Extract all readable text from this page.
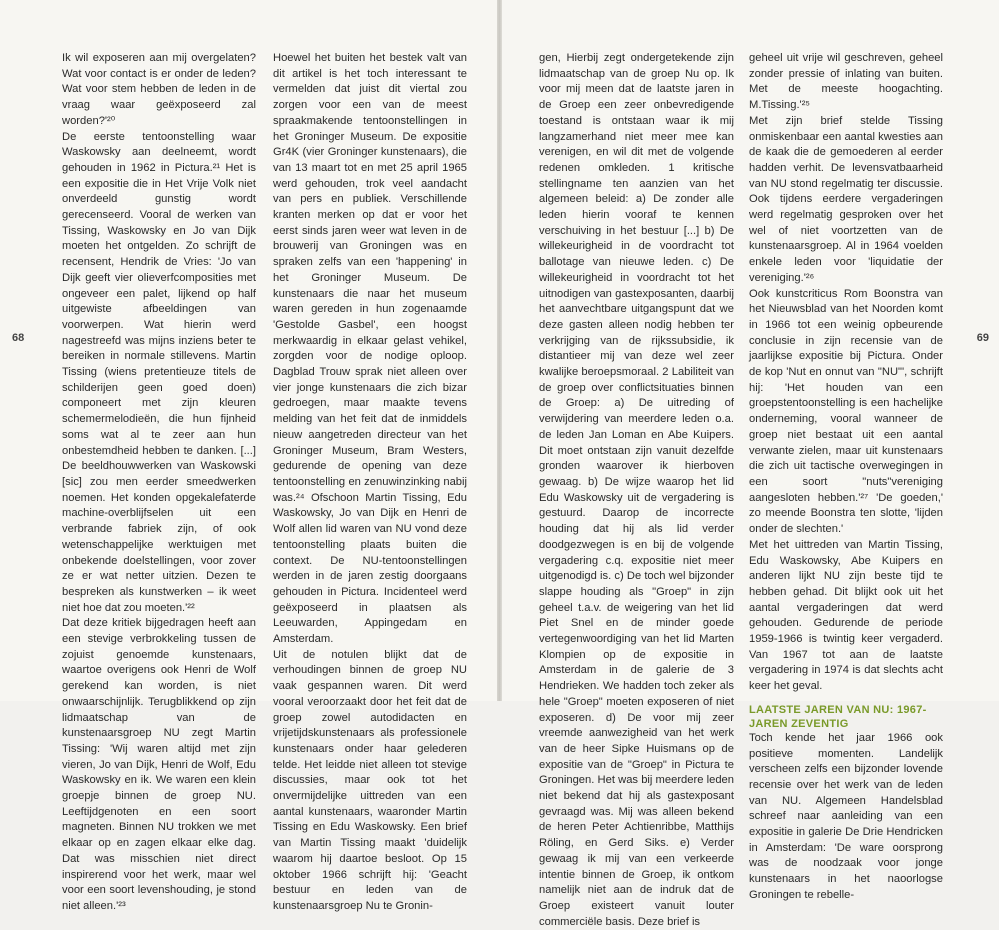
68

Ik wil exposeren aan mij overgelaten? Wat voor contact is er onder de leden? Wat voor stem hebben de leden in de vraag waar geëxposeerd zal worden?'²⁰

De eerste tentoonstelling waar Waskowsky aan deelneemt, wordt gehouden in 1962 in Pictura.²¹ Het is een expositie die in Het Vrije Volk niet onverdeeld gunstig wordt gerecenseerd. Vooral de werken van Tissing, Waskowsky en Jo van Dijk moeten het ontgelden. Zo schrijft de recensent, Hendrik de Vries: 'Jo van Dijk geeft vier olieverfcomposities met ongeveer een palet, lijkend op half uitgewiste afbeeldingen van voorwerpen. Wat hierin werd nagestreefd was mijns inziens beter te bereiken in normale stillevens. Martin Tissing (wiens pretentieuze titels de schilderijen geen goed doen) componeert met zijn kleuren schemermelodieën, die hun fijnheid soms wat al te zeer aan hun onbestemdheid hebben te danken. [...] De beeldhouwwerken van Waskowski [sic] zou men eerder smeedwerken noemen. Het konden opgekalefaterde machine-overblijfselen uit een verbrande fabriek zijn, of ook wetenschappelijke werktuigen met onbekende doelstellingen, voor zover ze er wat netter uitzien. Dezen te bespreken als kunstwerken – ik weet niet hoe dat zou moeten.'²²

Dat deze kritiek bijgedragen heeft aan een stevige verbrokkeling tussen de zojuist genoemde kunstenaars, waartoe overigens ook Henri de Wolf gerekend kan worden, is niet onwaarschijnlijk. Terugblikkend op zijn lidmaatschap van de kunstenaarsgroep NU zegt Martin Tissing: 'Wij waren altijd met zijn vieren, Jo van Dijk, Henri de Wolf, Edu Waskowsky en ik. We waren een klein groepje binnen de groep NU. Leeftijdgenoten en een soort magneten. Binnen NU trokken we met elkaar op en zagen elkaar elke dag. Dat was misschien niet direct inspirerend voor het werk, maar wel voor een soort levenshouding, je stond niet alleen.'²³

Hoewel het buiten het bestek valt van dit artikel is het toch interessant te vermelden dat juist dit viertal zou zorgen voor een van de meest spraakmakende tentoonstellingen in het Groninger Museum. De expositie Gr4K (vier Groninger kunstenaars), die van 13 maart tot en met 25 april 1965 werd gehouden, trok veel aandacht van pers en publiek. Verschillende kranten merken op dat er voor het eerst sinds jaren weer wat leven in de brouwerij van Groningen was en spraken zelfs van een 'happening' in het Groninger Museum. De kunstenaars die naar het museum waren gereden in hun zogenaamde 'Gestolde Gasbel', een hoogst merkwaardig in elkaar gelast vehikel, zorgden voor de nodige oploop. Dagblad Trouw sprak niet alleen over vier jonge kunstenaars die zich bizar gedroegen, maar maakte tevens melding van het feit dat de inmiddels nieuw aangetreden directeur van het Groninger Museum, Bram Westers, gedurende de opening van deze tentoonstelling en zenuwinzinking nabij was.²⁴ Ofschoon Martin Tissing, Edu Waskowsky, Jo van Dijk en Henri de Wolf allen lid waren van NU vond deze tentoonstelling plaats buiten die context. De NU-tentoonstellingen werden in de jaren zestig doorgaans gehouden in Pictura. Incidenteel werd geëxposeerd in plaatsen als Leeuwarden, Appingedam en Amsterdam.

Uit de notulen blijkt dat de verhoudingen binnen de groep NU vaak gespannen waren. Dit werd vooral veroorzaakt door het feit dat de groep zowel autodidacten en vrijetijdskunstenaars als professionele kunstenaars onder haar gelederen telde. Het leidde niet alleen tot stevige discussies, maar ook tot het onvermijdelijke uittreden van een aantal kunstenaars, waaronder Martin Tissing en Edu Waskowsky. Een brief van Martin Tissing maakt 'duidelijk waarom hij daartoe besloot. Op 15 oktober 1966 schrijft hij: 'Geacht bestuur en leden van de kunstenaarsgroep Nu te Gronin-

69

gen, Hierbij zegt ondergetekende zijn lidmaatschap van de groep Nu op. Ik voor mij meen dat de laatste jaren in de Groep een zeer onbevredigende toestand is ontstaan waar ik mij langzamerhand niet meer mee kan verenigen, en wil dit met de volgende redenen omkleden. 1 kritische stellingname ten aanzien van het algemeen beleid: a) De zonder alle leden hierin vooraf te kennen verschuiving in het bestuur [...] b) De willekeurigheid in de voordracht tot ballotage van nieuwe leden. c) De willekeurigheid in voordracht tot het uitnodigen van gastexposanten, daarbij het aanvechtbare uitgangspunt dat we deze gasten alleen nodig hebben ter verkrijging van de rijkssubsidie, ik distantieer mij van deze wel zeer kwalijke beroepsmoraal. 2 Labiliteit van de groep over conflictsituaties binnen de Groep: a) De uitreding of verwijdering van meerdere leden o.a. de leden Jan Loman en Abe Kuipers. Dit moet ontstaan zijn vanuit dezelfde gronden waarover ik hierboven gewaag. b) De wijze waarop het lid Edu Waskowsky uit de vergadering is gestuurd. Daarop de incorrecte houding dat hij als lid verder doodgezwegen is en bij de volgende vergadering c.q. expositie niet meer uitgenodigd is. c) De toch wel bijzonder slappe houding als "Groep" in zijn geheel t.a.v. de weigering van het lid Piet Snel en de minder goede vertegenwoordiging van het lid Marten Klompien op de expositie in Amsterdam in de galerie de 3 Hendrieken. We hadden toch zeker als hele "Groep" moeten exposeren of niet exposeren. d) De voor mij zeer vreemde aanwezigheid van het werk van de heer Sipke Huismans op de expositie van de "Groep" in Pictura te Groningen. Het was bij meerdere leden niet bekend dat hij als gastexposant gevraagd was. Mij was alleen bekend de heren Peter Achtienribbe, Matthijs Röling, en Gerd Siks. e) Verder gewaag ik mij van een verkeerde intentie binnen de Groep, ik ontkom namelijk niet aan de indruk dat de Groep existeert vanuit louter commerciële basis. Deze brief is

geheel uit vrije wil geschreven, geheel zonder pressie of inlating van buiten. Met de meeste hoogachting. M.Tissing.'²⁵

Met zijn brief stelde Tissing onmiskenbaar een aantal kwesties aan de kaak die de gemoederen al eerder hadden verhit. De levensvatbaarheid van NU stond regelmatig ter discussie. Ook tijdens eerdere vergaderingen werd regelmatig gesproken over het wel of niet voortzetten van de kunstenaarsgroep. Al in 1964 voelden enkele leden voor 'liquidatie der vereniging.'²⁶

Ook kunstcriticus Rom Boonstra van het Nieuwsblad van het Noorden komt in 1966 tot een weinig opbeurende conclusie in zijn recensie van de jaarlijkse expositie bij Pictura. Onder de kop 'Nut en onnut van "NU"', schrijft hij: 'Het houden van een groepstentoonstelling is een hachelijke onderneming, vooral wanneer de groep niet bestaat uit een aantal verwante zielen, maar uit kunstenaars die zich uit tactische overwegingen in een soort "nuts"vereniging aangesloten hebben.'²⁷ 'De goeden,' zo meende Boonstra ten slotte, 'lijden onder de slechten.'

Met het uittreden van Martin Tissing, Edu Waskowsky, Abe Kuipers en anderen lijkt NU zijn beste tijd te hebben gehad. Dit blijkt ook uit het aantal vergaderingen dat werd gehouden. Gedurende de periode 1959-1966 is twintig keer vergaderd. Van 1967 tot aan de laatste vergadering in 1974 is dat slechts acht keer het geval.

LAATSTE JAREN VAN NU: 1967-JAREN ZEVENTIG

Toch kende het jaar 1966 ook positieve momenten. Landelijk verscheen zelfs een bijzonder lovende recensie over het werk van de leden van NU. Algemeen Handelsblad schreef naar aanleiding van een expositie in galerie De Drie Hendricken in Amsterdam: 'De ware oorsprong was de noodzaak voor jonge kunstenaars in het naoorlogse Groningen te rebelle-
